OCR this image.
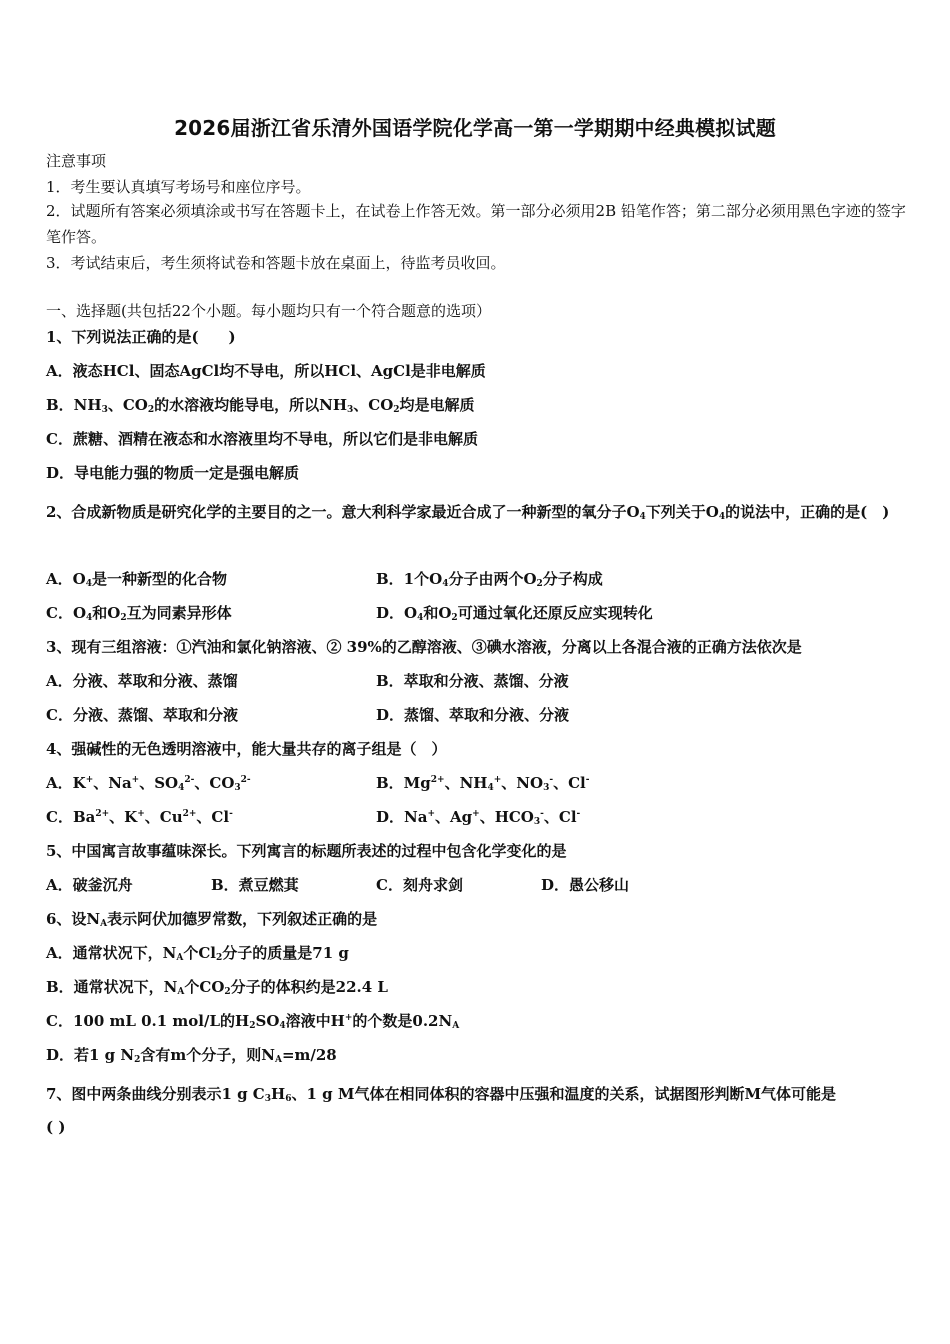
2026届浙江省乐清外国语学院化学高一第一学期期中经典模拟试题
注意事项
1．考生要认真填写考场号和座位序号。
2．试题所有答案必须填涂或书写在答题卡上，在试卷上作答无效。第一部分必须用2B 铅笔作答；第二部分必须用黑色字迹的签字笔作答。
3．考试结束后，考生须将试卷和答题卡放在桌面上，待监考员收回。
一、选择题(共包括22个小题。每小题均只有一个符合题意的选项）
1、下列说法正确的是(　　)
A．液态HCl、固态AgCl均不导电，所以HCl、AgCl是非电解质
B．$NH_3$、$CO_2$的水溶液均能导电，所以$NH_3$、$CO_2$均是电解质
C．蔗糖、酒精在液态和水溶液里均不导电，所以它们是非电解质
D．导电能力强的物质一定是强电解质
2、合成新物质是研究化学的主要目的之一。意大利科学家最近合成了一种新型的氧分子$O_4$下列关于$O_4$的说法中，正确的是(　)
A．$O_4$是一种新型的化合物	B．1个$O_4$分子由两个$O_2$分子构成
C．$O_4$和$O_2$互为同素异形体	D．$O_4$和$O_2$可通过氧化还原反应实现转化
3、现有三组溶液：①汽油和氯化钠溶液、② 39%的乙醇溶液、③碘水溶液，分离以上各混合液的正确方法依次是
A．分液、萃取和分液、蒸馏	B．萃取和分液、蒸馏、分液
C．分液、蒸馏、萃取和分液	D．蒸馏、萃取和分液、分液
4、强碱性的无色透明溶液中，能大量共存的离子组是（　）
A．K+、Na+、$SO_4^{2-}$、$CO_3^{2-}$	B．$Mg^{2+}$、$NH_4^+$、$NO_3^-$、Cl-
C．$Ba^{2+}$、K+、$Cu^{2+}$、Cl-	D．Na+、Ag+、$HCO_3^-$、Cl-
5、中国寓言故事蕴味深长。下列寓言的标题所表述的过程中包含化学变化的是
A．破釜沉舟	B．煮豆燃萁	C．刻舟求剑	D．愚公移山
6、设$N_A$表示阿伏加德罗常数，下列叙述正确的是
A．通常状况下，$N_A$个$Cl_2$分子的质量是71 g
B．通常状况下，$N_A$个$CO_2$分子的体积约是22.4 L
C．100 mL 0.1 mol/L的$H_2SO_4$溶液中H+的个数是$0.2N_A$
D．若1 g $N_2$含有m个分子，则$N_A=m/28$
7、图中两条曲线分别表示1 g $C_3H_6$、1 g M气体在相同体积的容器中压强和温度的关系，试据图形判断M气体可能是
( )
